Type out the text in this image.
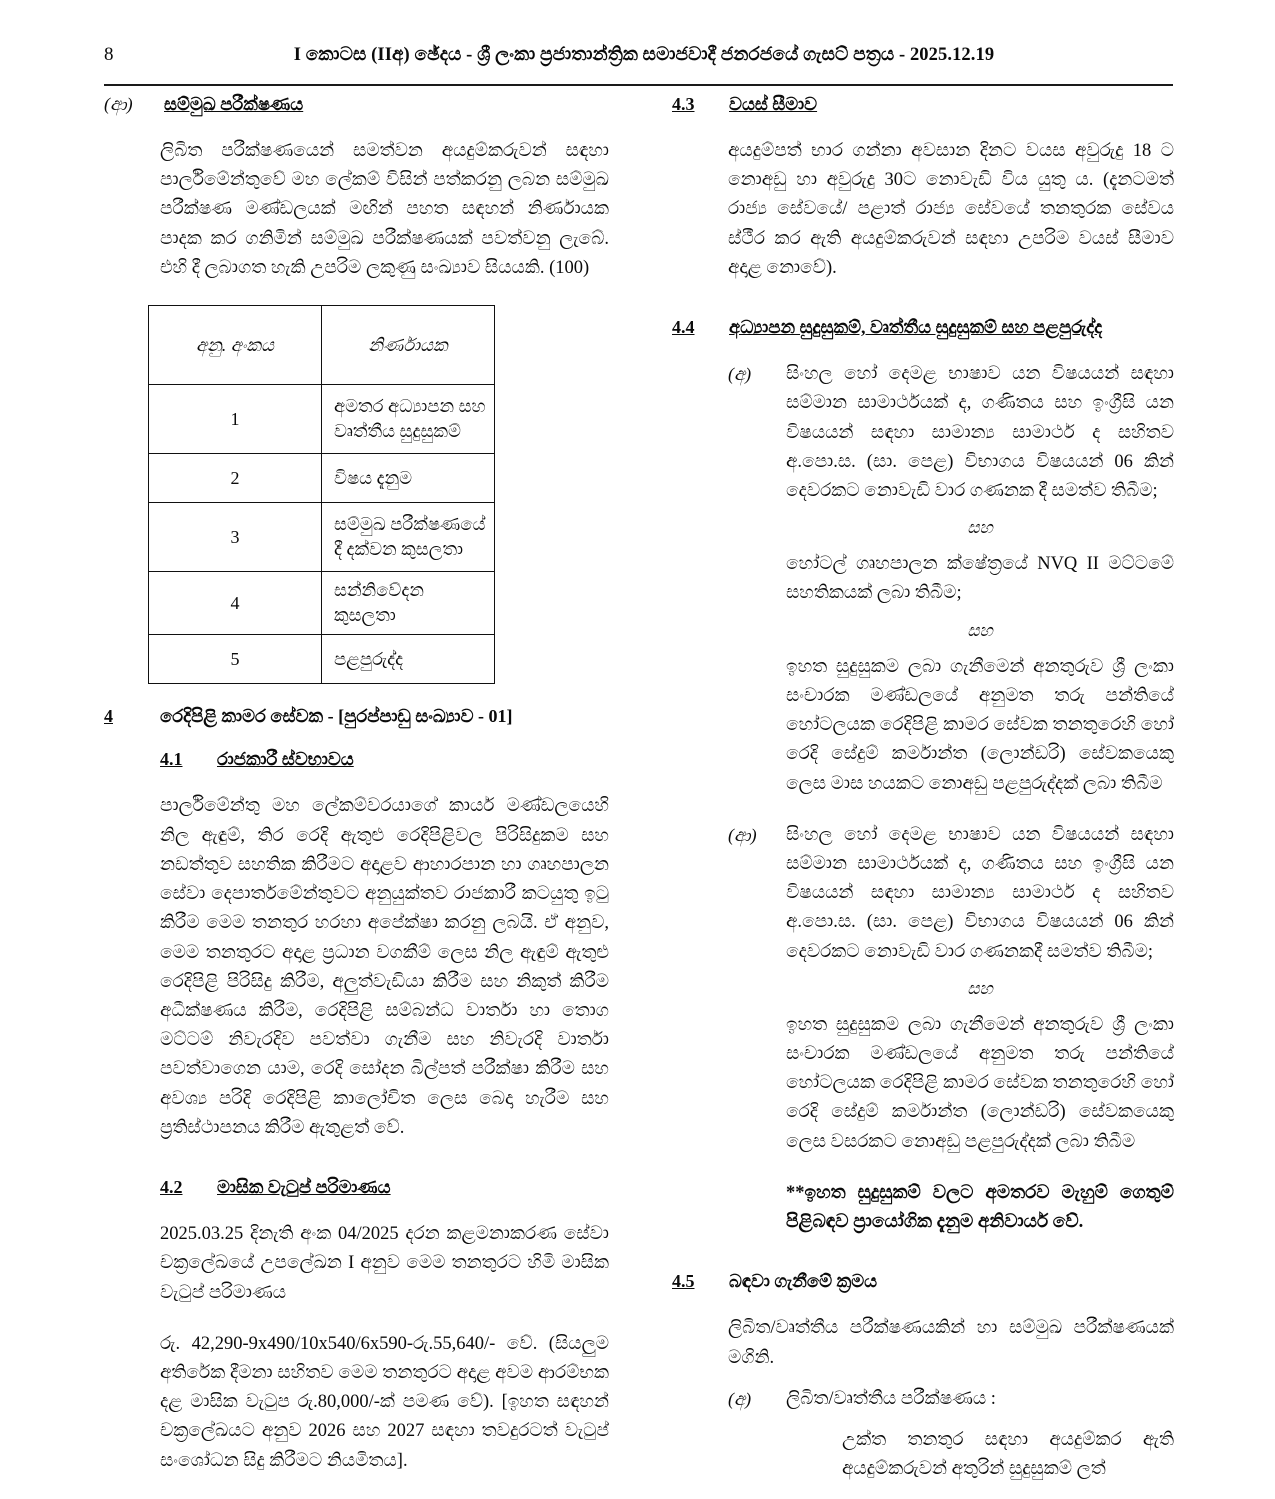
8	I කොටස (IIඅ) ඡේදය - ශ්‍රී ලංකා ප්‍රජාතාන්ත්‍රික සමාජවාදී ජනරජයේ ගැසට් පත්‍රය - 2025.12.19
(ආ)	සම්මුඛ පරීක්ෂණය

ලිබිත පරීක්ෂණයෙන් සමත්වන අයදුම්කරුවන් සඳහා පාර්ලිමේන්තුවේ මහ ලේකම් විසින් පත්කරනු ලබන සම්මුඛ පරීක්ෂණ මණ්ඩලයක් මඟින් පහත සඳහන් නිර්ණායක පාදක කර ගනිමින් සම්මුඛ පරීක්ෂණයක් පවත්වනු ලැබේ. එහි දී ලබාගත හැකි උපරිම ලකුණු සංඛ්‍යාව සියයකි. (100)

අනු. අංකය	නිර්ණායක
1	අමතර අධ්‍යාපන සහ වෘත්තීය සුදුසුකම්
2	විෂය දැනුම
3	සම්මුඛ පරීක්ෂණයේ දී දක්වන කුසලතා
4	සන්නිවේදන කුසලතා
5	පළපුරුද්ද
4	රෙදිපිළි කාමර සේවක - [පුරප්පාඩු සංඛ්‍යාව - 01]
4.1	රාජකාරී ස්වභාවය

පාර්ලිමේන්තු මහ ලේකම්වරයාගේ කාර්ය මණ්ඩලයෙහි නිල ඇඳුම්, තිර රෙදි ඇතුළු රෙදිපිළිවල පිරිසිදුකම සහ නඩත්තුව සහතික කිරීමට අදාළව ආහාරපාන හා ගෘහපාලන සේවා දෙපාර්තමේන්තුවට අනුයුක්තව රාජකාරී කටයුතු ඉටු කිරීම මෙම තනතුර හරහා අපේක්ෂා කරනු ලබයි. ඒ අනුව, මෙම තනතුරට අදාළ ප්‍රධාන වගකීම් ලෙස නිල ඇඳුම් ඇතුළු රෙදිපිළි පිරිසිදු කිරීම, අලුත්වැඩියා කිරීම සහ නිකුත් කිරීම අධීක්ෂණය කිරීම, රෙදිපිළි සම්බන්ධ වාර්තා හා තොග මට්ටම් නිවැරදිව පවත්වා ගැනීම සහ නිවැරදි වාර්තා පවත්වාගෙන යාම, රෙදි සෝදන බිල්පත් පරීක්ෂා කිරීම සහ අවශ්‍ය පරිදි රෙදිපිළි කාලෝචිත ලෙස බෙදා හැරීම සහ ප්‍රතිස්ථාපනය කිරීම ඇතුළත් වේ.

4.2	මාසික වැටුප් පරිමාණය

2025.03.25 දිනැති අංක 04/2025 දරන කළමනාකරණ සේවා චක්‍රලේඛයේ උපලේඛන I අනුව මෙම තනතුරට හිමි මාසික වැටුප් පරිමාණය

රු. 42,290-9x490/10x540/6x590-රු.55,640/- වේ. (සියලුම අතිරේක දීමනා සහිතව මෙම තනතුරට අදාළ අවම ආරම්භක දළ මාසික වැටුප රු.80,000/-ක් පමණ වේ). [ඉහත සඳහන් චක්‍රලේඛයට අනුව 2026 සහ 2027 සඳහා තවදුරටත් වැටුප් සංශෝධන සිදු කිරීමට නියමිතය].

4.3	වයස් සීමාව

අයදුම්පත් භාර ගන්නා අවසාන දිනට වයස අවුරුදු 18 ට නොඅඩු හා අවුරුදු 30ට නොවැඩි විය යුතු ය. (දැනටමත් රාජ්‍ය සේවයේ/ පළාත් රාජ්‍ය සේවයේ තනතුරක සේවය ස්ථීර කර ඇති අයදුම්කරුවන් සඳහා උපරිම වයස් සීමාව අදාළ නොවේ).

4.4	අධ්‍යාපන සුදුසුකම්, වෘත්තීය සුදුසුකම් සහ පළපුරුද්ද
(අ)	සිංහල හෝ දෙමළ භාෂාව යන විෂයයන් සඳහා සම්මාන සාමාර්ථයක් ද, ගණිතය සහ ඉංග්‍රීසි යන විෂයයන් සඳහා සාමාන්‍ය සාමාර්ථ ද සහිතව අ.පො.ස. (සා. පෙළ) විභාගය විෂයයන් 06 කින් දෙවරකට නොවැඩි වාර ගණනක දී සමත්ව තිබීම;

සහ

හෝටල් ගෘහපාලන ක්ෂේත්‍රයේ NVQ II මට්ටමේ සහතිකයක් ලබා තිබීම;

සහ

ඉහත සුදුසුකම ලබා ගැනීමෙන් අනතුරුව ශ්‍රී ලංකා සංචාරක මණ්ඩලයේ අනුමත තරු පන්තියේ හෝටලයක රෙදිපිළි කාමර සේවක තනතුරෙහි හෝ රෙදි සේදුම් කර්මාන්ත (ලොන්ඩරි) සේවකයෙකු ලෙස මාස හයකට නොඅඩු පළපුරුද්දක් ලබා තිබීම

(ආ)	සිංහල හෝ දෙමළ භාෂාව යන විෂයයන් සඳහා සම්මාන සාමාර්ථයක් ද, ගණිතය සහ ඉංග්‍රීසි යන විෂයයන් සඳහා සාමාන්‍ය සාමාර්ථ ද සහිතව අ.පො.ස. (සා. පෙළ) විභාගය විෂයයන් 06 කින් දෙවරකට නොවැඩි වාර ගණනකදී සමත්ව තිබීම;

සහ

ඉහත සුදුසුකම ලබා ගැනීමෙන් අනතුරුව ශ්‍රී ලංකා සංචාරක මණ්ඩලයේ අනුමත තරු පන්තියේ හෝටලයක රෙදිපිළි කාමර සේවක තනතුරෙහි හෝ රෙදි සේදුම් කර්මාන්ත (ලොන්ඩරි) සේවකයෙකු ලෙස වසරකට නොඅඩු පළපුරුද්දක් ලබා තිබීම

**ඉහත සුදුසුකම් වලට අමතරව මැහුම් ගෙතුම් පිළිබඳව ප්‍රායෝගික දැනුම අනිවාර්ය වේ.

4.5	බඳවා ගැනීමේ ක්‍රමය

ලිබිත/වෘත්තීය පරීක්ෂණයකින් හා සම්මුඛ පරීක්ෂණයක් මගිනි.

(අ)	ලිබිත/වෘත්තීය පරීක්ෂණය :

උක්ත තනතුර සඳහා අයදුම්කර ඇති අයදුම්කරුවන් අතුරින් සුදුසුකම් ලත්
